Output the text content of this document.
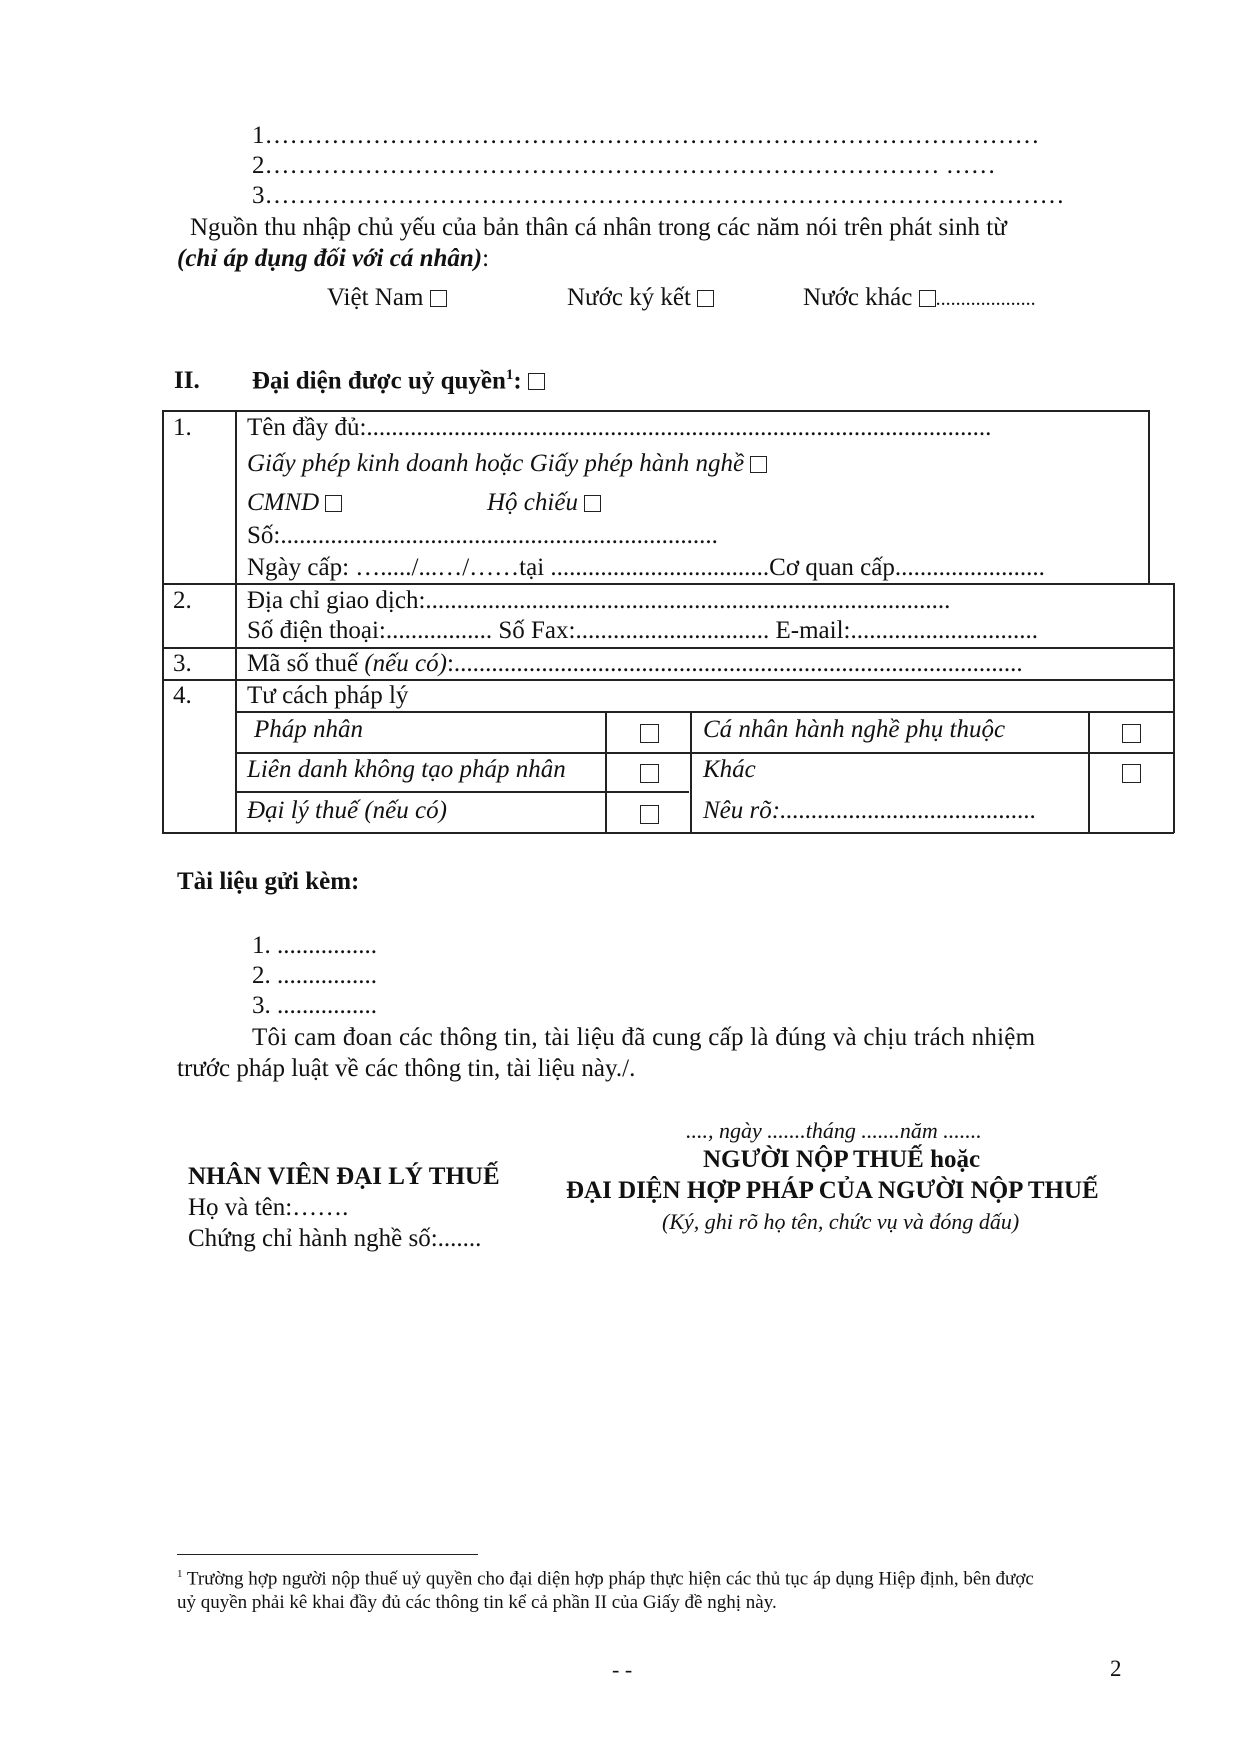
1…………………………………………………………………………………
2……………………………………………………………………… ……
3……………………………………………………………………………………
Nguồn thu nhập chủ yếu của bản thân cá nhân trong các năm nói trên phát sinh từ
(chỉ áp dụng đối với cá nhân):
Việt Nam	Nước ký kết	Nước khác ....................
II. Đại diện được uỷ quyền$^1$:
1. Tên đầy đủ:....................................................................................................
Giấy phép kinh doanh hoặc Giấy phép hành nghề
CMND	Hộ chiếu
Số:......................................................................
Ngày cấp: …...../...…/……tại ...................................Cơ quan cấp........................
2. Địa chỉ giao dịch:....................................................................................
Số điện thoại:................. Số Fax:............................... E-mail:..............................
3. Mã số thuế (nếu có):...........................................................................................
4. Tư cách pháp lý
Pháp nhân	Cá nhân hành nghề phụ thuộc
Liên danh không tạo pháp nhân	Khác
Đại lý thuế (nếu có)	Nêu rõ:.........................................
Tài liệu gửi kèm:
1. ................
2. ................
3. ................
Tôi cam đoan các thông tin, tài liệu đã cung cấp là đúng và chịu trách nhiệm
trước pháp luật về các thông tin, tài liệu này./.
...., ngày .......tháng .......năm .......
NGƯỜI NỘP THUẾ hoặc
ĐẠI DIỆN HỢP PHÁP CỦA NGƯỜI NỘP THUẾ
(Ký, ghi rõ họ tên, chức vụ và đóng dấu)
NHÂN VIÊN ĐẠI LÝ THUẾ
Họ và tên:…….
Chứng chỉ hành nghề số:.......
$^1$ Trường hợp người nộp thuế uỷ quyền cho đại diện hợp pháp thực hiện các thủ tục áp dụng Hiệp định, bên được
uỷ quyền phải kê khai đầy đủ các thông tin kể cả phần II của Giấy đề nghị này.
- -	2
